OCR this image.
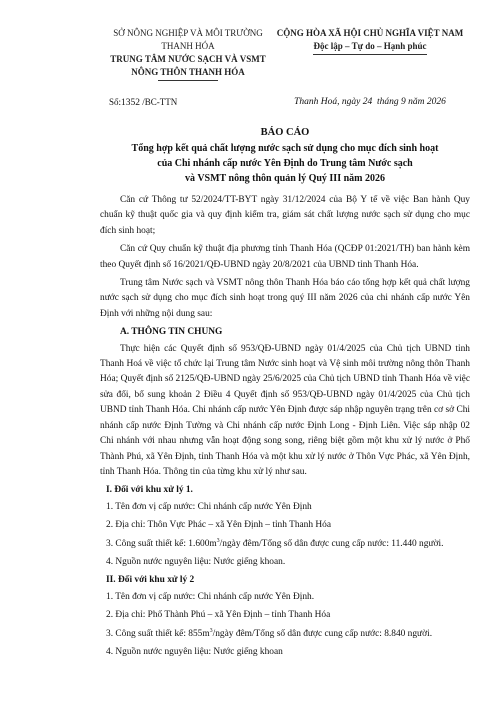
SỞ NÔNG NGHIỆP VÀ MÔI TRƯỜNG
THANH HÓA
TRUNG TÂM NƯỚC SẠCH VÀ VSMT
NÔNG THÔN THANH HÓA
CỘNG HÒA XÃ HỘI CHỦ NGHĨA VIỆT NAM
Độc lập – Tự do – Hạnh phúc
Số:1352 /BC-TTN	Thanh Hoá, ngày 24 tháng 9 năm 2026
BÁO CÁO
Tổng hợp kết quả chất lượng nước sạch sử dụng cho mục đích sinh hoạt
của Chi nhánh cấp nước Yên Định do Trung tâm Nước sạch
và VSMT nông thôn quản lý Quý III năm 2026

Căn cứ Thông tư 52/2024/TT-BYT ngày 31/12/2024 của Bộ Y tế về việc Ban hành Quy chuẩn kỹ thuật quốc gia và quy định kiểm tra, giám sát chất lượng nước sạch sử dụng cho mục đích sinh hoạt;

Căn cứ Quy chuẩn kỹ thuật địa phương tỉnh Thanh Hóa (QCĐP 01:2021/TH) ban hành kèm theo Quyết định số 16/2021/QĐ-UBND ngày 20/8/2021 của UBND tỉnh Thanh Hóa.

Trung tâm Nước sạch và VSMT nông thôn Thanh Hóa báo cáo tổng hợp kết quả chất lượng nước sạch sử dụng cho mục đích sinh hoạt trong quý III năm 2026 của chi nhánh cấp nước Yên Định với những nội dung sau:

A. THÔNG TIN CHUNG

Thực hiện các Quyết định số 953/QĐ-UBND ngày 01/4/2025 của Chủ tịch UBND tỉnh Thanh Hoá về việc tổ chức lại Trung tâm Nước sinh hoạt và Vệ sinh môi trường nông thôn Thanh Hóa; Quyết định số 2125/QĐ-UBND ngày 25/6/2025 của Chủ tịch UBND tỉnh Thanh Hóa về việc sửa đổi, bổ sung khoản 2 Điều 4 Quyết định số 953/QĐ-UBND ngày 01/4/2025 của Chủ tịch UBND tỉnh Thanh Hóa. Chi nhánh cấp nước Yên Định được sáp nhập nguyên trạng trên cơ sở Chi nhánh cấp nước Định Tường và Chi nhánh cấp nước Định Long - Định Liên. Việc sáp nhập 02 Chi nhánh với nhau nhưng vẫn hoạt động song song, riêng biệt gồm một khu xử lý nước ở Phố Thành Phú, xã Yên Định, tỉnh Thanh Hóa và một khu xử lý nước ở Thôn Vực Phác, xã Yên Định, tỉnh Thanh Hóa. Thông tin của từng khu xử lý như sau.

I. Đối với khu xử lý 1.
1. Tên đơn vị cấp nước: Chi nhánh cấp nước Yên Định
2. Địa chỉ: Thôn Vực Phác – xã Yên Định – tỉnh Thanh Hóa
3. Công suất thiết kế: $1.600m^3$/ngày đêm/Tổng số dân được cung cấp nước: 11.440 người.
4. Nguồn nước nguyên liệu: Nước giếng khoan.
II. Đối với khu xử lý 2
1. Tên đơn vị cấp nước: Chi nhánh cấp nước Yên Định.
2. Địa chỉ: Phố Thành Phú – xã Yên Định – tỉnh Thanh Hóa
3. Công suất thiết kế: $855m^3$/ngày đêm/Tổng số dân được cung cấp nước: 8.840 người.
4. Nguồn nước nguyên liệu: Nước giếng khoan
